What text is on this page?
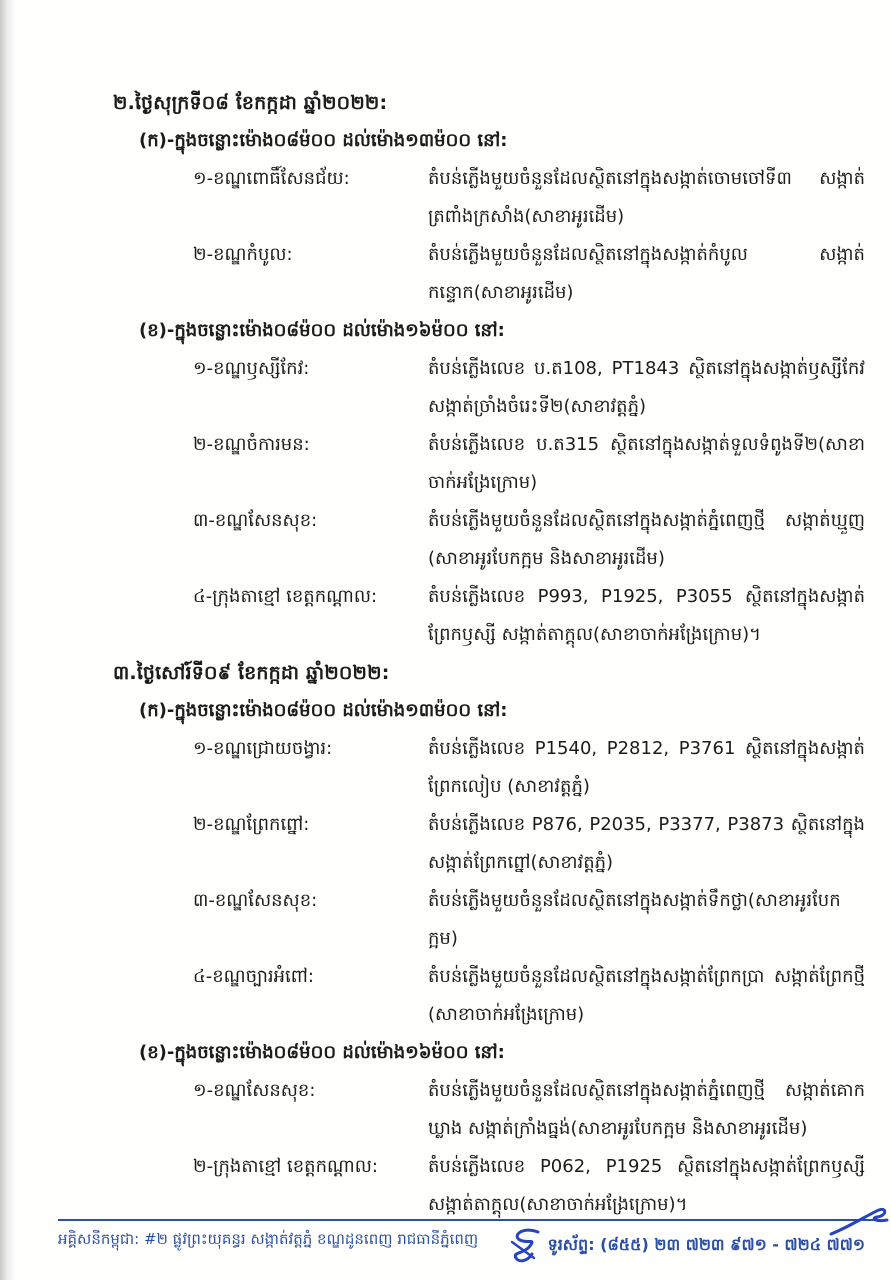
២.ថ្ងៃសុក្រទី០៨ ខែកក្កដា ឆ្នាំ២០២២:

(ក)-ក្នុងចន្លោះម៉ោង០៨ម៉០០ ដល់ម៉ោង១៣ម៉០០ នៅ:

១-ខណ្ឌពោធិ៍សែនជ័យ:	តំបន់ភ្លើងមួយចំនួនដែលស្ថិតនៅក្នុងសង្កាត់ចោមចៅទី៣ សង្កាត់ត្រពាំងក្រសាំង(សាខាអូរដើម)
២-ខណ្ឌកំបូល:	តំបន់ភ្លើងមួយចំនួនដែលស្ថិតនៅក្នុងសង្កាត់កំបូល សង្កាត់កន្ទោក(សាខាអូរដើម)

(ខ)-ក្នុងចន្លោះម៉ោង០៨ម៉០០ ដល់ម៉ោង១៦ម៉០០ នៅ:

១-ខណ្ឌឫស្សីកែវ:	តំបន់ភ្លើងលេខ ប.ត108, PT1843 ស្ថិតនៅក្នុងសង្កាត់ឫស្សីកែវ សង្កាត់ច្រាំងចំរេះទី២(សាខាវត្តភ្នំ)
២-ខណ្ឌចំការមន:	តំបន់ភ្លើងលេខ ប.ត315 ស្ថិតនៅក្នុងសង្កាត់ទួលទំពូងទី២(សាខាចាក់អង្រែក្រោម)
៣-ខណ្ឌសែនសុខ:	តំបន់ភ្លើងមួយចំនួនដែលស្ថិតនៅក្នុងសង្កាត់ភ្នំពេញថ្មី សង្កាត់ឃ្មួញ (សាខាអូរបែកក្អម និងសាខាអូរដើម)
៤-ក្រុងតាខ្មៅ ខេត្តកណ្ដាល:	តំបន់ភ្លើងលេខ P993, P1925, P3055 ស្ថិតនៅក្នុងសង្កាត់ព្រែកឫស្សី សង្កាត់តាក្ដុល(សាខាចាក់អង្រែក្រោម)។
៣.ថ្ងៃសៅរ៍ទី០៩ ខែកក្កដា ឆ្នាំ២០២២:

(ក)-ក្នុងចន្លោះម៉ោង០៨ម៉០០ ដល់ម៉ោង១៣ម៉០០ នៅ:

១-ខណ្ឌជ្រោយចង្វារ:	តំបន់ភ្លើងលេខ P1540, P2812, P3761 ស្ថិតនៅក្នុងសង្កាត់ព្រែកលៀប (សាខាវត្តភ្នំ)
២-ខណ្ឌព្រែកព្នៅ:	តំបន់ភ្លើងលេខ P876, P2035, P3377, P3873 ស្ថិតនៅក្នុងសង្កាត់ព្រែកព្នៅ(សាខាវត្តភ្នំ)
៣-ខណ្ឌសែនសុខ:	តំបន់ភ្លើងមួយចំនួនដែលស្ថិតនៅក្នុងសង្កាត់ទឹកថ្លា(សាខាអូរបែកក្អម)
៤-ខណ្ឌច្បារអំពៅ:	តំបន់ភ្លើងមួយចំនួនដែលស្ថិតនៅក្នុងសង្កាត់ព្រែកប្រា សង្កាត់ព្រែកថ្មី (សាខាចាក់អង្រែក្រោម)

(ខ)-ក្នុងចន្លោះម៉ោង០៨ម៉០០ ដល់ម៉ោង១៦ម៉០០ នៅ:

១-ខណ្ឌសែនសុខ:	តំបន់ភ្លើងមួយចំនួនដែលស្ថិតនៅក្នុងសង្កាត់ភ្នំពេញថ្មី សង្កាត់គោកឃ្លាង សង្កាត់ក្រាំងធ្នង់(សាខាអូរបែកក្អម និងសាខាអូរដើម)
២-ក្រុងតាខ្មៅ ខេត្តកណ្ដាល:	តំបន់ភ្លើងលេខ P062, P1925 ស្ថិតនៅក្នុងសង្កាត់ព្រែកឫស្សី សង្កាត់តាក្ដុល(សាខាចាក់អង្រែក្រោម)។
អគ្គិសនីកម្ពុជា: #២ ផ្លូវព្រះយុគន្ធរ សង្កាត់វត្តភ្នំ ខណ្ឌដូនពេញ រាជធានីភ្នំពេញ	ទូរស័ព្ទ: (៨៥៥) ២៣ ៧២៣ ៩៧១ - ៧២៤ ៧៧១
